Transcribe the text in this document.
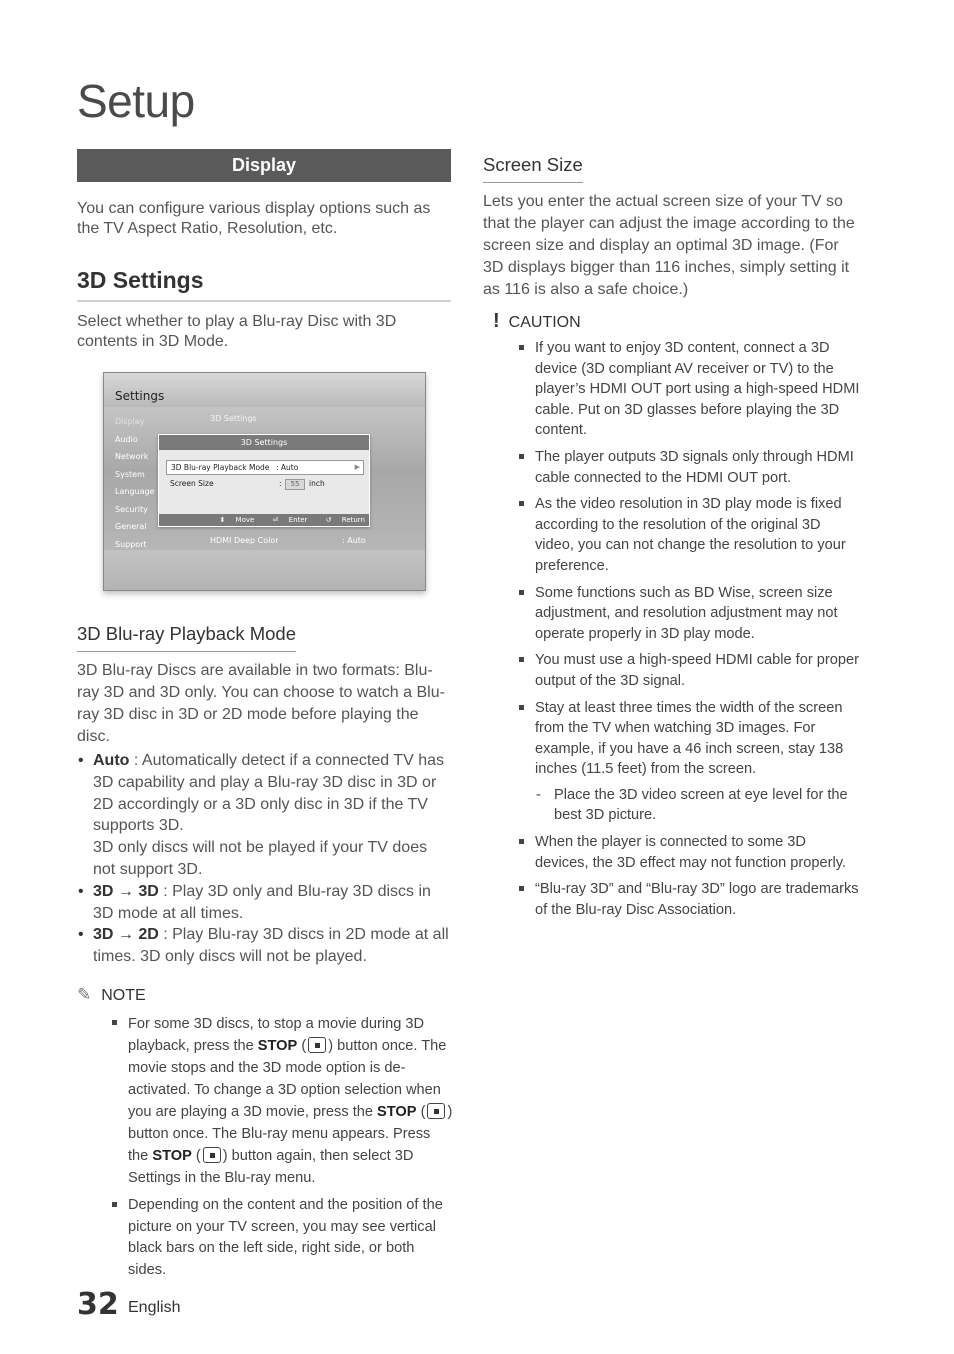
Setup
Display

You can configure various display options such as the TV Aspect Ratio, Resolution, etc.

3D Settings

Select whether to play a Blu-ray Disc with 3D contents in 3D Mode.

Settings
Display
Audio
Network
System
Language
Security
General
Support
3D Settings
HDMI Deep Color	: Auto
3D Settings
3D Blu-ray Playback Mode : Auto	▶
Screen Size	:	55	inch
⬍ Move	⏎ Enter	↺ Return
3D Blu-ray Playback Mode

3D Blu-ray Discs are available in two formats: Blu-ray 3D and 3D only. You can choose to watch a Blu-ray 3D disc in 3D or 2D mode before playing the disc.

• Auto : Automatically detect if a connected TV has 3D capability and play a Blu-ray 3D disc in 3D or 2D accordingly or a 3D only disc in 3D if the TV supports 3D.
3D only discs will not be played if your TV does not support 3D.
• 3D → 3D : Play 3D only and Blu-ray 3D discs in 3D mode at all times.
• 3D → 2D : Play Blu-ray 3D discs in 2D mode at all times. 3D only discs will not be played.
✎ NOTE
For some 3D discs, to stop a movie during 3D playback, press the STOP ( ) button once. The movie stops and the 3D mode option is de-activated. To change a 3D option selection when you are playing a 3D movie, press the STOP ( ) button once. The Blu-ray menu appears. Press the STOP ( ) button again, then select 3D Settings in the Blu-ray menu.
Depending on the content and the position of the picture on your TV screen, you may see vertical black bars on the left side, right side, or both sides.
Screen Size

Lets you enter the actual screen size of your TV so that the player can adjust the image according to the screen size and display an optimal 3D image. (For 3D displays bigger than 116 inches, simply setting it as 116 is also a safe choice.)

! CAUTION
If you want to enjoy 3D content, connect a 3D device (3D compliant AV receiver or TV) to the player’s HDMI OUT port using a high-speed HDMI cable. Put on 3D glasses before playing the 3D content.
The player outputs 3D signals only through HDMI cable connected to the HDMI OUT port.
As the video resolution in 3D play mode is fixed according to the resolution of the original 3D video, you can not change the resolution to your preference.
Some functions such as BD Wise, screen size adjustment, and resolution adjustment may not operate properly in 3D play mode.
You must use a high-speed HDMI cable for proper output of the 3D signal.
Stay at least three times the width of the screen from the TV when watching 3D images. For example, if you have a 46 inch screen, stay 138 inches (11.5 feet) from the screen.
- Place the 3D video screen at eye level for the best 3D picture.
When the player is connected to some 3D devices, the 3D effect may not function properly.
“Blu-ray 3D” and “Blu-ray 3D” logo are trademarks of the Blu-ray Disc Association.
32 English
